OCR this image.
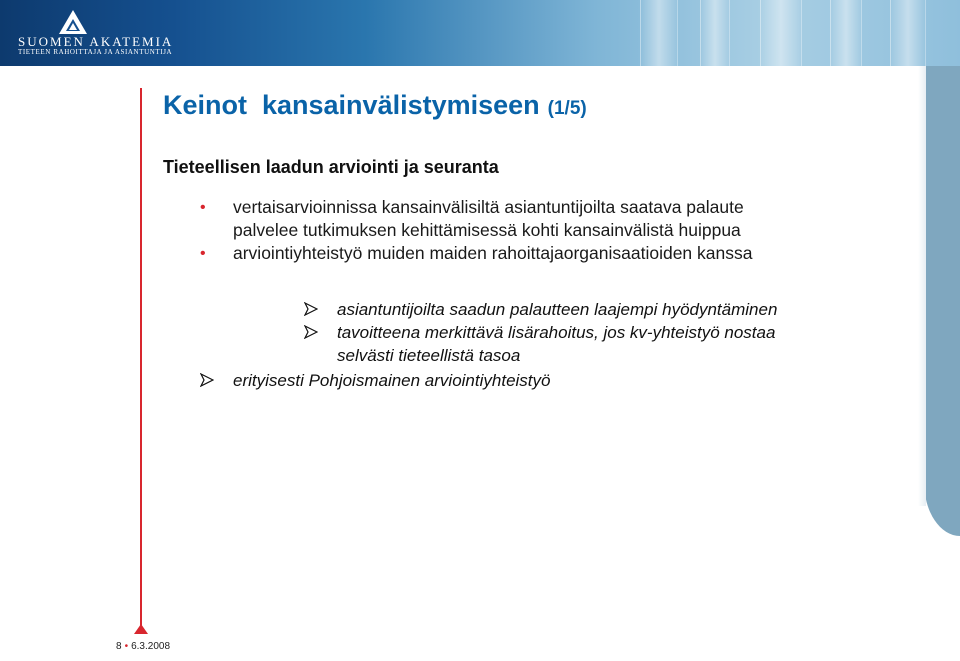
SUOMEN AKATEMIA
TIETEEN RAHOITTAJA JA ASIANTUNTIJA
Keinot  kansainvälistymiseen (1/5)
Tieteellisen laadun arviointi ja seuranta
• vertaisarvioinnissa kansainvälisiltä asiantuntijoilta saatava palaute
palvelee tutkimuksen kehittämisessä kohti kansainvälistä huippua
• arviointiyhteistyö muiden maiden rahoittajaorganisaatioiden kanssa
asiantuntijoilta saadun palautteen laajempi hyödyntäminen
tavoitteena merkittävä lisärahoitus, jos kv-yhteistyö nostaa
selvästi tieteellistä tasoa
erityisesti Pohjoismainen arviointiyhteistyö
8 • 6.3.2008
